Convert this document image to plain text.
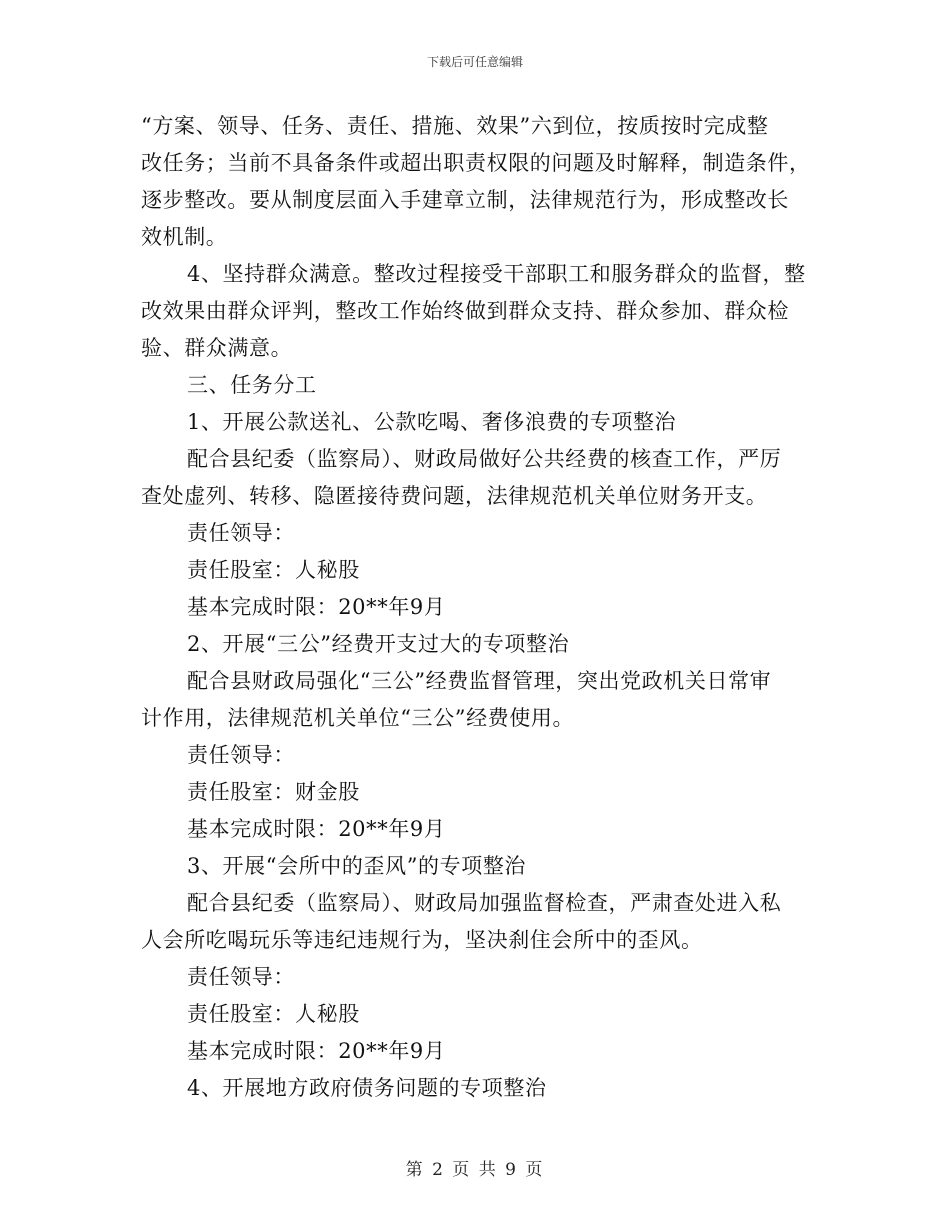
下载后可任意编辑
“方案、领导、任务、责任、措施、效果”六到位，按质按时完成整
改任务；当前不具备条件或超出职责权限的问题及时解释，制造条件，
逐步整改。要从制度层面入手建章立制，法律规范行为，形成整改长
效机制。
4、坚持群众满意。整改过程接受干部职工和服务群众的监督，整
改效果由群众评判，整改工作始终做到群众支持、群众参加、群众检
验、群众满意。
三、任务分工
1、开展公款送礼、公款吃喝、奢侈浪费的专项整治
配合县纪委（监察局）、财政局做好公共经费的核查工作，严厉
查处虚列、转移、隐匿接待费问题，法律规范机关单位财务开支。
责任领导：
责任股室：人秘股
基本完成时限：20**年9月
2、开展“三公”经费开支过大的专项整治
配合县财政局强化“三公”经费监督管理，突出党政机关日常审
计作用，法律规范机关单位“三公”经费使用。
责任领导：
责任股室：财金股
基本完成时限：20**年9月
3、开展“会所中的歪风”的专项整治
配合县纪委（监察局）、财政局加强监督检查，严肃查处进入私
人会所吃喝玩乐等违纪违规行为，坚决刹住会所中的歪风。
责任领导：
责任股室：人秘股
基本完成时限：20**年9月
4、开展地方政府债务问题的专项整治
第 2 页 共 9 页
